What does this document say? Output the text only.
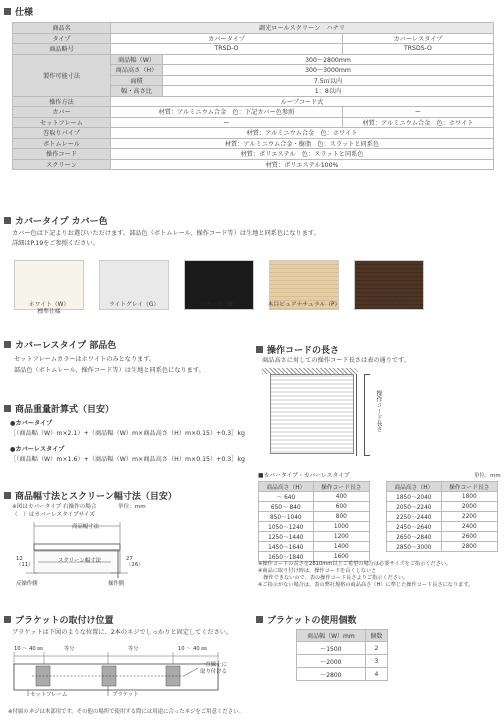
仕様
商品名	調光ロールスクリーン　ハナリ		
タイプ	カバータイプ		カバーレスタイプ
商品略号	TRSD-O		TRSDS-O
製作可能寸法	商品幅（W）	300〜2800mm	
	商品高さ（H）	300〜3000mm	
	面積	7.5㎡以内	
	幅・高さ比	1：8以内	
操作方法	ループコード式		
カバー	材質：アルミニウム合金　色：下記カバー色参照		ー
セットフレーム	ー		材質：アルミニウム合金　色：ホワイト
巻取りパイプ	材質：アルミニウム合金　色：ホワイト		
ボトムレール	材質：アルミニウム合金・樹脂　色：スラットと同系色		
操作コード	材質：ポリエステル　色：スラットと同系色		
スクリーン	材質：ポリエステル100%		
カバータイプ カバー色
カバー色は下記よりお選びいただけます。部品色（ボトムレール、操作コード等）は生地と同系色になります。
詳細はP.19をご参照ください。
ホワイト（W）
標準仕様
ライトグレイ（G）	ブラック（B）	木目ピュアナチュラル（P）	木目ダーク（D）
カバーレスタイプ 部品色
セットフレームカラーはホワイトのみとなります。
部品色（ボトムレール、操作コード等）は生地と同系色になります。
商品重量計算式（目安）
●カバータイプ
［（商品幅（W）m×2.1）+（商品幅（W）m×商品高さ（H）m×0.15）+0.3］kg
●カバーレスタイプ
［（商品幅（W）m×1.6）+（商品幅（W）m×商品高さ（H）m×0.15）+0.3］kg
商品幅寸法とスクリーン幅寸法（目安）
※図はカバータイプ 右操作の場合
（　）はカバーレスタイプサイズ
単位：mm
商品幅寸法
スクリーン幅寸法
12
（11）
27
（26）
反操作側	操作側
操作コードの長さ
商品高さに対しての操作コード長さは表の通りです。
操作コード長さ
■カバータイプ・カバーレスタイプ	単位：mm
商品高さ（H）	操作コード長さ
〜 640	400
650〜 840	600
850〜1040	800
1050〜1240	1000
1250〜1440	1200
1450〜1640	1400
1650〜1840	1600
商品高さ（H）	操作コード長さ
1850〜2040	1800
2050〜2240	2000
2250〜2440	2200
2450〜2640	2400
2650〜2840	2600
2850〜3000	2800
※操作コードの長さを2810mm以上ご希望の場合は必要サイズをご指示ください。
※商品に取り付け時は、操作コードを長くしないと
　操作できないので、表の操作コード長さよりご指示ください。
※ご指示がない場合は、表の弊社規格の商品高さ（H）に準じた操作コード長さになります。
ブラケットの取付け位置
ブラケットは下図のような位置に、2本のネジでしっかりと固定してください。
10 〜 40 ㎜	等分	等分	10 〜 40 ㎜
一直線上に
取り付ける
セットフレーム	ブラケット
※付属のネジは木部用です。その他の場所で使用する際には用途に合ったネジをご用意ください。
ブラケットの使用個数
商品幅（W）mm	個数
〜1500	2
〜2000	3
〜2800	4
